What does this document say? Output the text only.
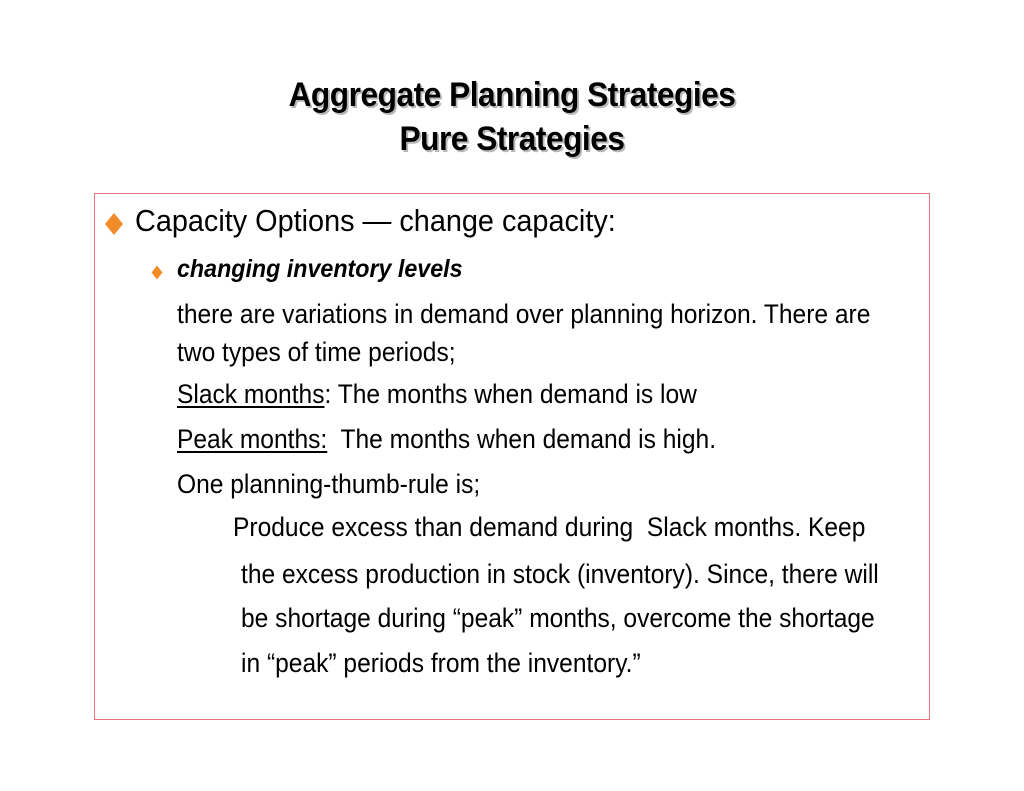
Aggregate Planning Strategies
Pure Strategies
Capacity Options — change capacity:
changing inventory levels
there are variations in demand over planning horizon. There are
two types of time periods;
Slack months: The months when demand is low
Peak months:  The months when demand is high.
One planning-thumb-rule is;
Produce excess than demand during  Slack months. Keep
the excess production in stock (inventory). Since, there will
be shortage during “peak” months, overcome the shortage
in “peak” periods from the inventory.”
